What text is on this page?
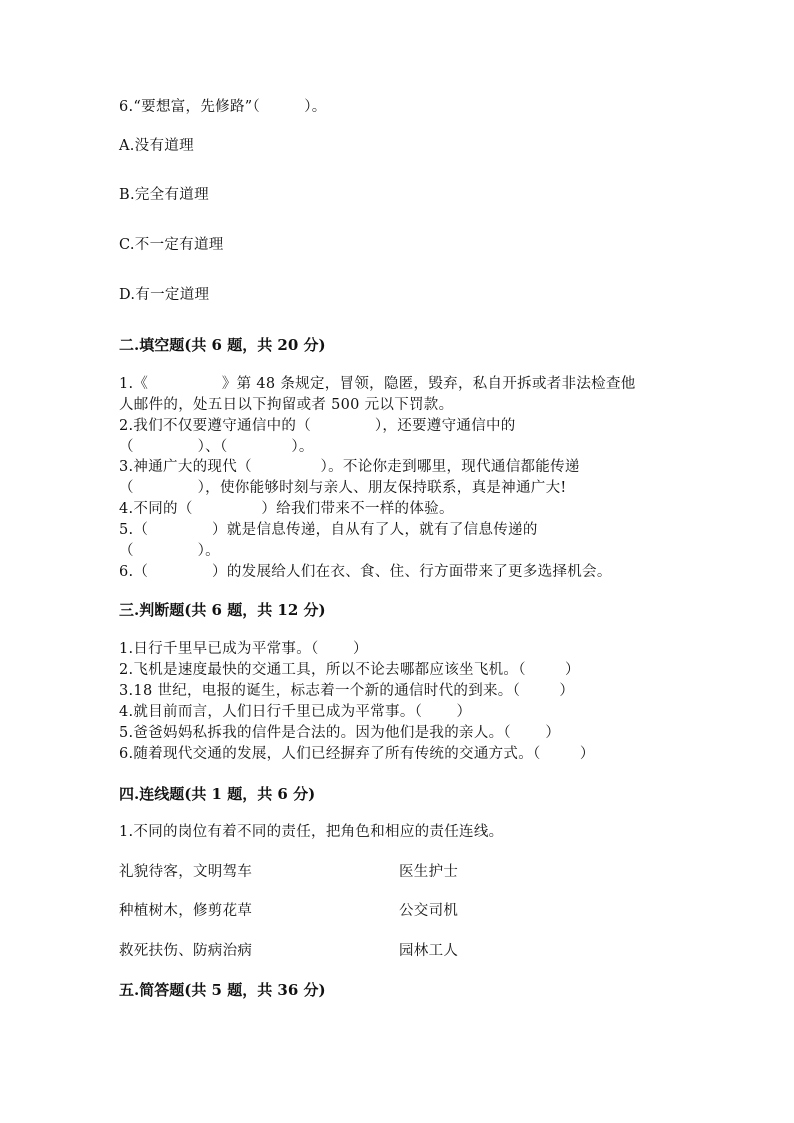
6.“要想富，先修路”（         ）。
A.没有道理
B.完全有道理
C.不一定有道理
D.有一定道理
二.填空题(共 6 题，共 20 分)
1.《               》第 48 条规定，冒领，隐匿，毁弃，私自开拆或者非法检查他
人邮件的，处五日以下拘留或者 500 元以下罚款。
2.我们不仅要遵守通信中的（             ），还要遵守通信中的
（             ）、（             ）。
3.神通广大的现代（              ）。不论你走到哪里，现代通信都能传递
（             ），使你能够时刻与亲人、朋友保持联系，真是神通广大!
4.不同的（              ）给我们带来不一样的体验。
5.（             ）就是信息传递，自从有了人，就有了信息传递的
（             ）。
6.（             ）的发展给人们在衣、食、住、行方面带来了更多选择机会。
三.判断题(共 6 题，共 12 分)
1.日行千里早已成为平常事。（       ）
2.飞机是速度最快的交通工具，所以不论去哪都应该坐飞机。（        ）
3.18 世纪，电报的诞生，标志着一个新的通信时代的到来。（        ）
4.就目前而言，人们日行千里已成为平常事。（       ）
5.爸爸妈妈私拆我的信件是合法的。因为他们是我的亲人。（       ）
6.随着现代交通的发展，人们已经摒弃了所有传统的交通方式。（        ）
四.连线题(共 1 题，共 6 分)
1.不同的岗位有着不同的责任，把角色和相应的责任连线。
礼貌待客，文明驾车	医生护士
种植树木，修剪花草	公交司机
救死扶伤、防病治病	园林工人
五.简答题(共 5 题，共 36 分)
